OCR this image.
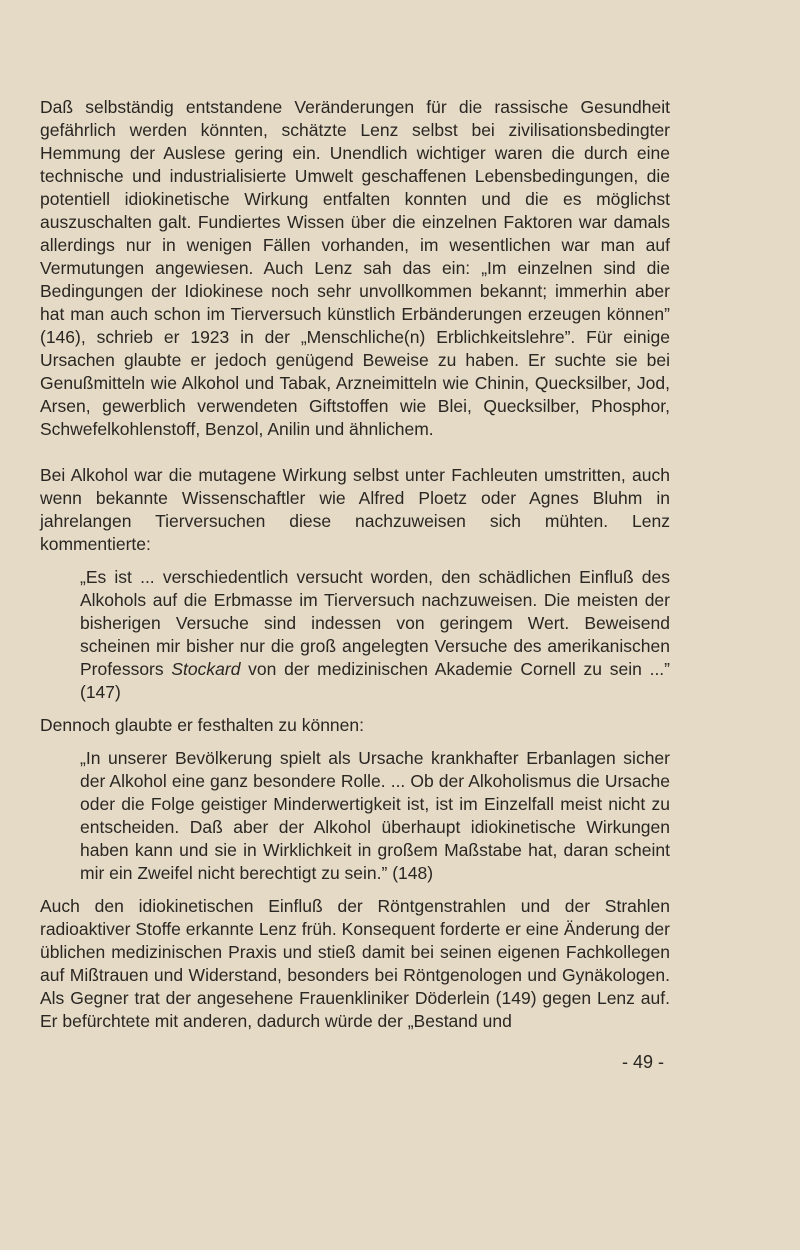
Daß selbständig entstandene Veränderungen für die rassische Gesundheit gefährlich werden könnten, schätzte Lenz selbst bei zivilisationsbedingter Hemmung der Auslese gering ein. Unendlich wichtiger waren die durch eine technische und industrialisierte Umwelt geschaffenen Lebensbedingungen, die potentiell idiokinetische Wirkung entfalten konnten und die es möglichst auszuschalten galt. Fundiertes Wissen über die einzelnen Faktoren war damals allerdings nur in wenigen Fällen vorhanden, im wesentlichen war man auf Vermutungen angewiesen. Auch Lenz sah das ein: „Im einzelnen sind die Bedingungen der Idiokinese noch sehr unvollkommen bekannt; immerhin aber hat man auch schon im Tierversuch künstlich Erbänderungen erzeugen können” (146), schrieb er 1923 in der „Menschliche(n) Erblichkeitslehre”. Für einige Ursachen glaubte er jedoch genügend Beweise zu haben. Er suchte sie bei Genußmitteln wie Alkohol und Tabak, Arzneimitteln wie Chinin, Quecksilber, Jod, Arsen, gewerblich verwendeten Giftstoffen wie Blei, Quecksilber, Phosphor, Schwefelkohlenstoff, Benzol, Anilin und ähnlichem.

Bei Alkohol war die mutagene Wirkung selbst unter Fachleuten umstritten, auch wenn bekannte Wissenschaftler wie Alfred Ploetz oder Agnes Bluhm in jahrelangen Tierversuchen diese nachzuweisen sich mühten. Lenz kommentierte:

„Es ist ... verschiedentlich versucht worden, den schädlichen Einfluß des Alkohols auf die Erbmasse im Tierversuch nachzuweisen. Die meisten der bisherigen Versuche sind indessen von geringem Wert. Beweisend scheinen mir bisher nur die groß angelegten Versuche des amerikanischen Professors Stockard von der medizinischen Akademie Cornell zu sein ...” (147)

Dennoch glaubte er festhalten zu können:

„In unserer Bevölkerung spielt als Ursache krankhafter Erbanlagen sicher der Alkohol eine ganz besondere Rolle. ... Ob der Alkoholismus die Ursache oder die Folge geistiger Minderwertigkeit ist, ist im Einzelfall meist nicht zu entscheiden. Daß aber der Alkohol überhaupt idiokinetische Wirkungen haben kann und sie in Wirklichkeit in großem Maßstabe hat, daran scheint mir ein Zweifel nicht berechtigt zu sein.” (148)

Auch den idiokinetischen Einfluß der Röntgenstrahlen und der Strahlen radioaktiver Stoffe erkannte Lenz früh. Konsequent forderte er eine Änderung der üblichen medizinischen Praxis und stieß damit bei seinen eigenen Fachkollegen auf Mißtrauen und Widerstand, besonders bei Röntgenologen und Gynäkologen. Als Gegner trat der angesehene Frauenkliniker Döderlein (149) gegen Lenz auf. Er befürchtete mit anderen, dadurch würde der „Bestand und

- 49 -
